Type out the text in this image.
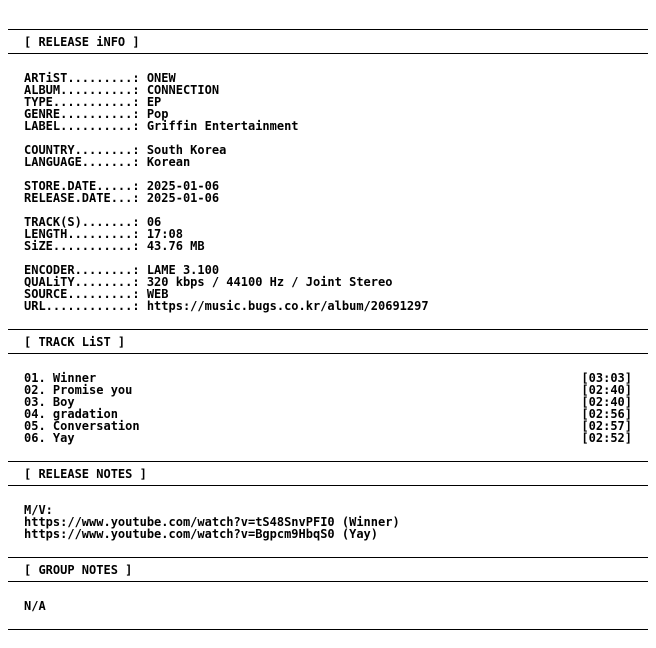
[ RELEASE iNFO ]
ARTiST.........: ONEW
ALBUM..........: CONNECTION
TYPE...........: EP
GENRE..........: Pop
LABEL..........: Griffin Entertainment
COUNTRY........: South Korea
LANGUAGE.......: Korean
STORE.DATE.....: 2025-01-06
RELEASE.DATE...: 2025-01-06
TRACK(S).......: 06
LENGTH.........: 17:08
SiZE...........: 43.76 MB
ENCODER........: LAME 3.100
QUALiTY........: 320 kbps / 44100 Hz / Joint Stereo
SOURCE.........: WEB
URL............: https://music.bugs.co.kr/album/20691297
[ TRACK LiST ]
01. Winner	[03:03]
02. Promise you	[02:40]
03. Boy	[02:40]
04. gradation	[02:56]
05. Conversation	[02:57]
06. Yay	[02:52]
[ RELEASE NOTES ]
M/V:
https://www.youtube.com/watch?v=tS48SnvPFI0 (Winner)
https://www.youtube.com/watch?v=Bgpcm9HbqS0 (Yay)
[ GROUP NOTES ]
N/A
